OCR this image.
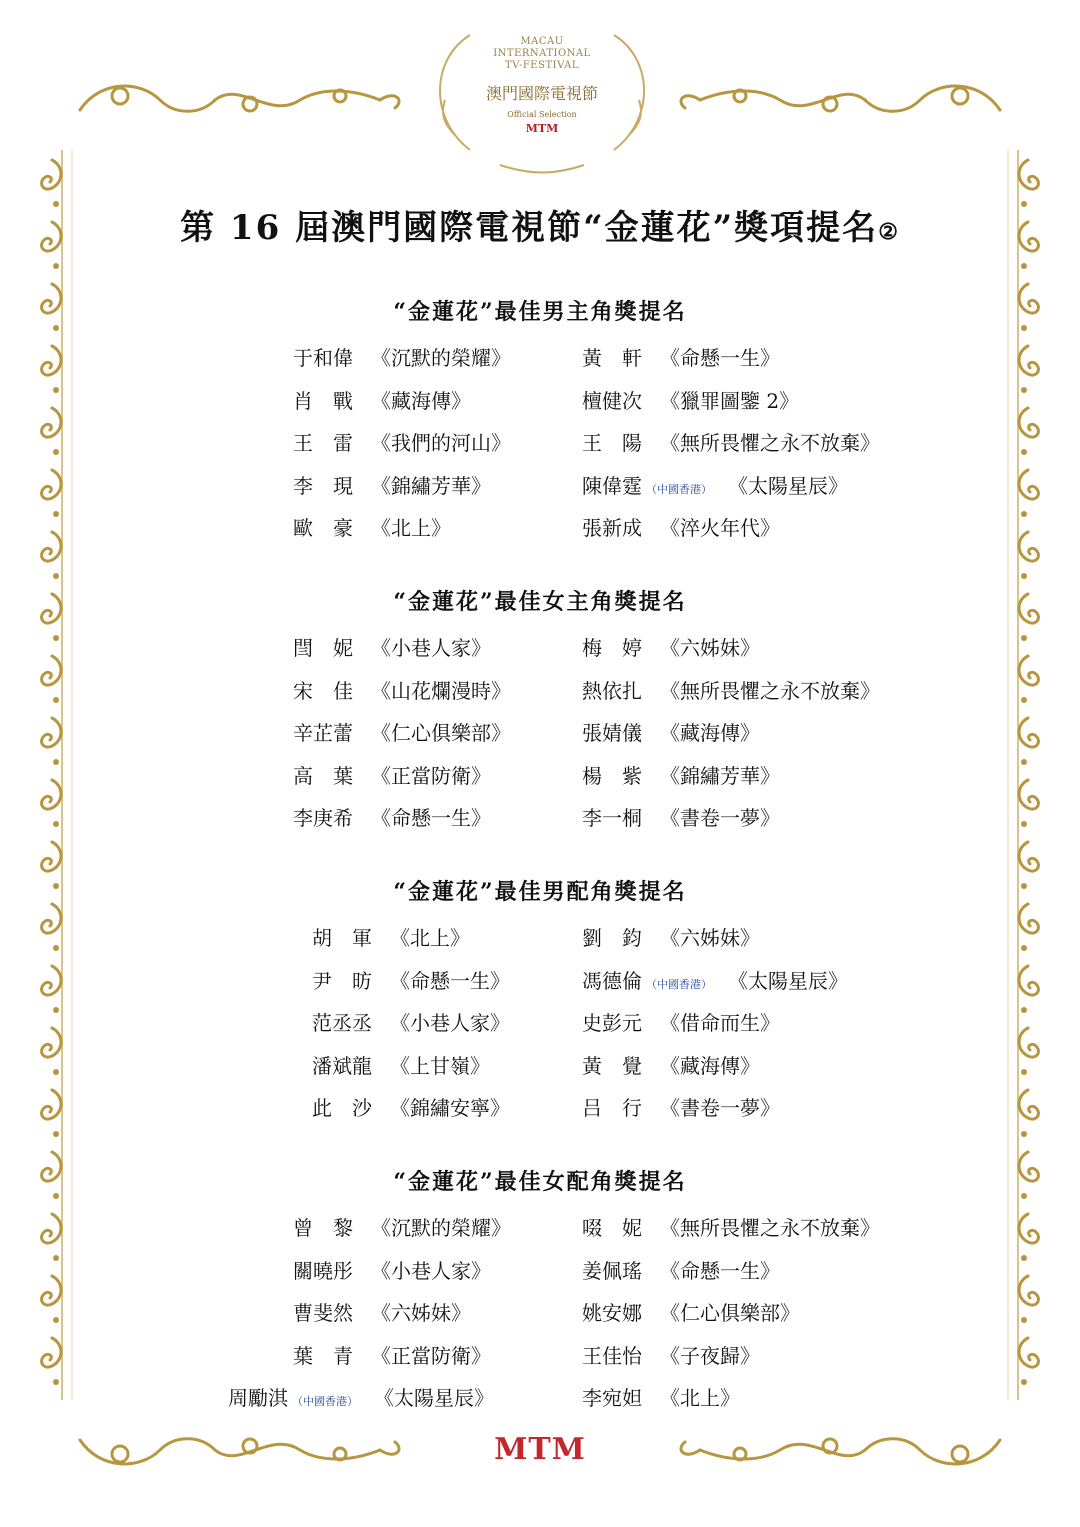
MACAU
INTERNATIONAL
TV-FESTIVAL
澳門國際電視節
Official Selection
MTM
第 16 屆澳門國際電視節“金蓮花”獎項提名②
“金蓮花”最佳男主角獎提名
于和偉 《沉默的榮耀》
肖　戰 《藏海傳》
王　雷 《我們的河山》
李　現 《錦繡芳華》
歐　豪 《北上》
黃　軒 《命懸一生》
檀健次 《獵罪圖鑒 2》
王　陽 《無所畏懼之永不放棄》
陳偉霆 （中國香港） 《太陽星辰》
張新成 《淬火年代》
“金蓮花”最佳女主角獎提名
閆　妮 《小巷人家》
宋　佳 《山花爛漫時》
辛芷蕾 《仁心俱樂部》
高　葉 《正當防衛》
李庚希 《命懸一生》
梅　婷 《六姊妹》
熱依扎 《無所畏懼之永不放棄》
張婧儀 《藏海傳》
楊　紫 《錦繡芳華》
李一桐 《書卷一夢》
“金蓮花”最佳男配角獎提名
胡　軍 《北上》
尹　昉 《命懸一生》
范丞丞 《小巷人家》
潘斌龍 《上甘嶺》
此　沙 《錦繡安寧》
劉　鈞 《六姊妹》
馮德倫 （中國香港） 《太陽星辰》
史彭元 《借命而生》
黃　覺 《藏海傳》
吕　行 《書卷一夢》
“金蓮花”最佳女配角獎提名
曾　黎 《沉默的榮耀》
關曉彤 《小巷人家》
曹斐然 《六姊妹》
葉　青 《正當防衛》
周勵淇 （中國香港） 《太陽星辰》
啜　妮 《無所畏懼之永不放棄》
姜佩瑤 《命懸一生》
姚安娜 《仁心俱樂部》
王佳怡 《子夜歸》
李宛妲 《北上》
MTM
